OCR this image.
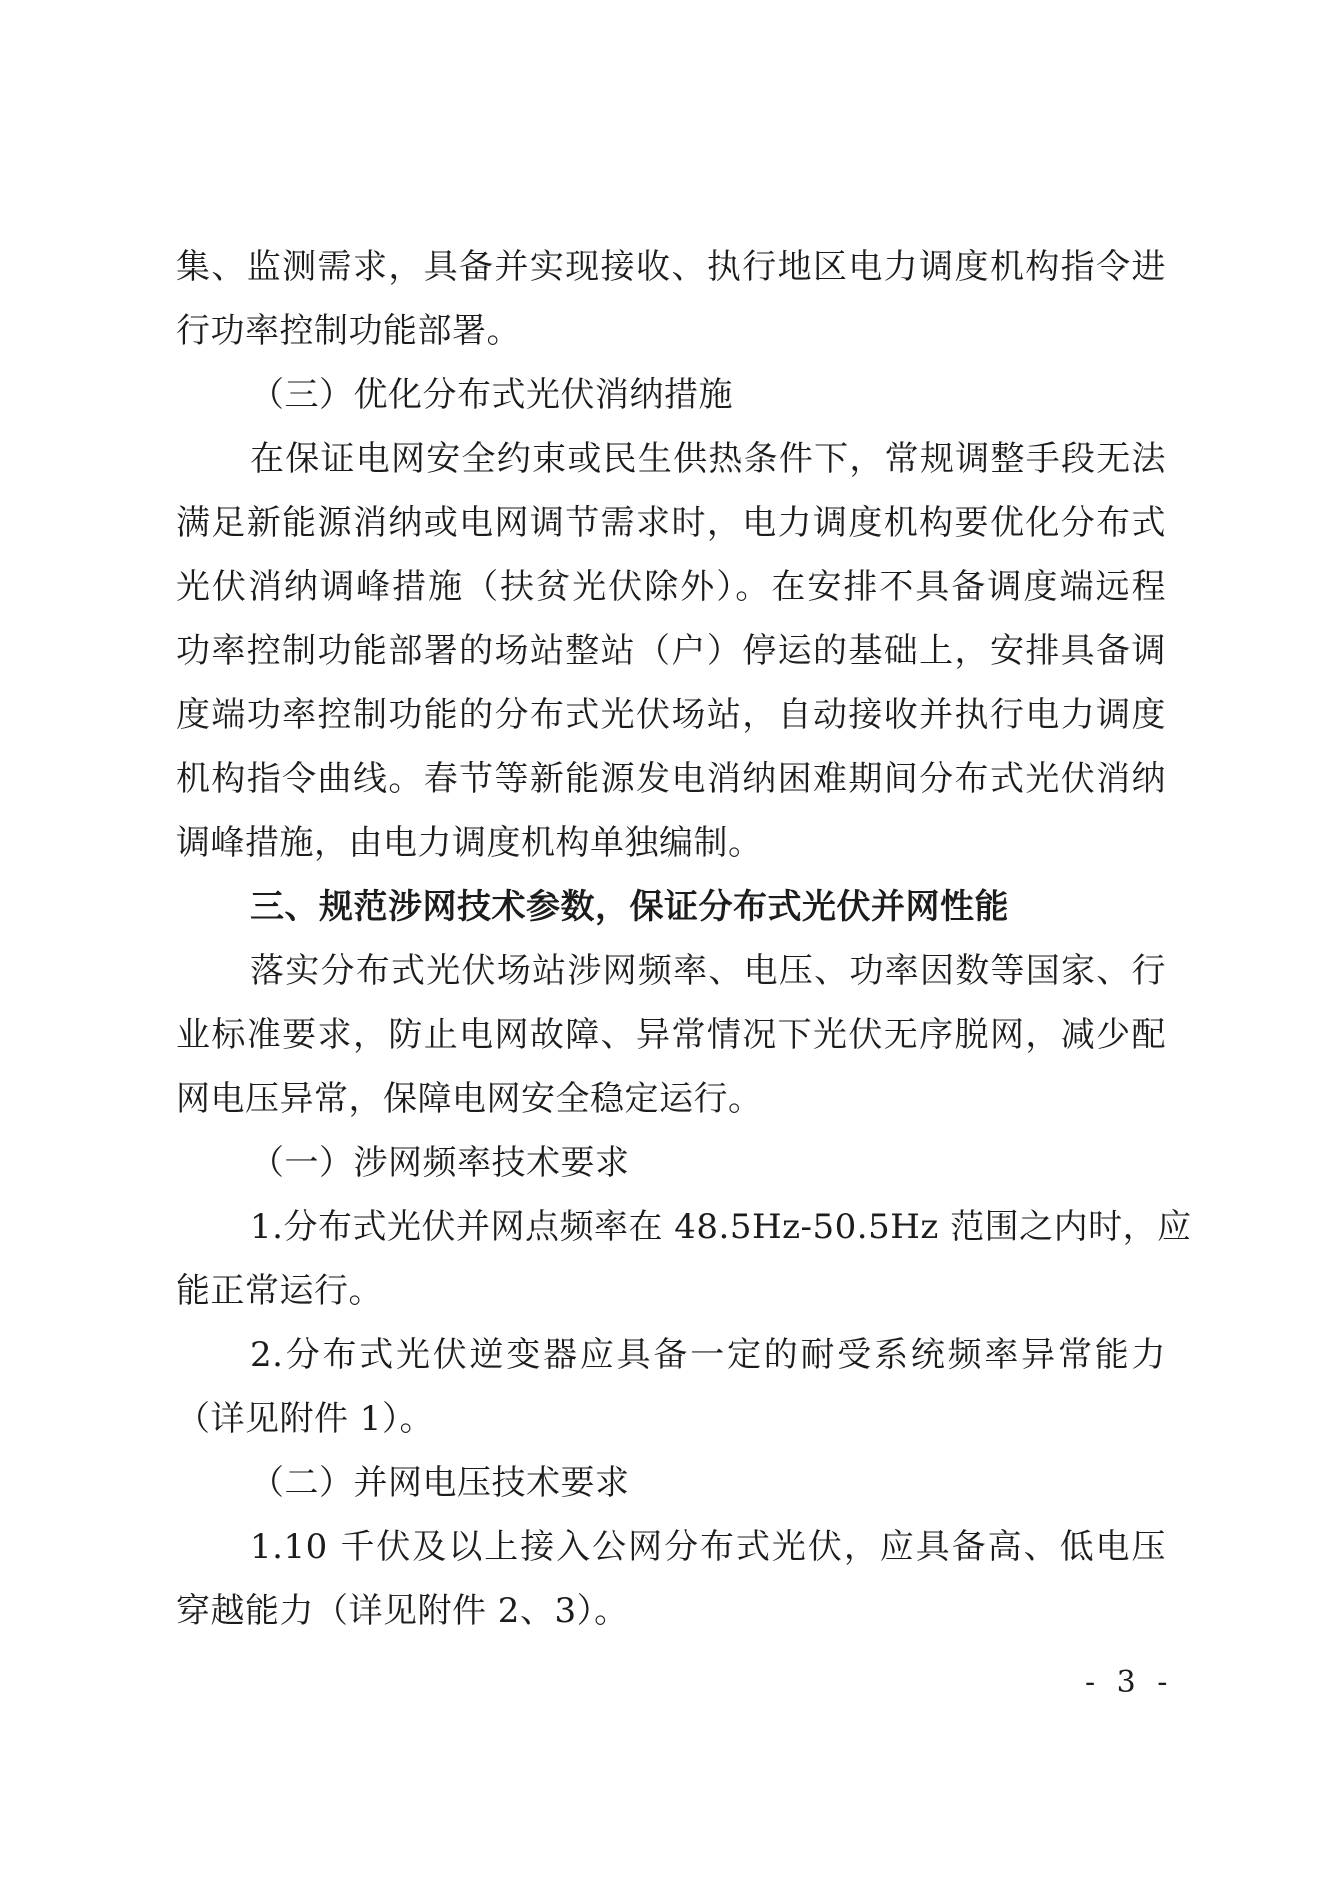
集、监测需求，具备并实现接收、执行地区电力调度机构指令进
行功率控制功能部署。
（三）优化分布式光伏消纳措施
在保证电网安全约束或民生供热条件下，常规调整手段无法
满足新能源消纳或电网调节需求时，电力调度机构要优化分布式
光伏消纳调峰措施（扶贫光伏除外）。在安排不具备调度端远程
功率控制功能部署的场站整站（户）停运的基础上，安排具备调
度端功率控制功能的分布式光伏场站，自动接收并执行电力调度
机构指令曲线。春节等新能源发电消纳困难期间分布式光伏消纳
调峰措施，由电力调度机构单独编制。
三、规范涉网技术参数，保证分布式光伏并网性能
落实分布式光伏场站涉网频率、电压、功率因数等国家、行
业标准要求，防止电网故障、异常情况下光伏无序脱网，减少配
网电压异常，保障电网安全稳定运行。
（一）涉网频率技术要求
1.分布式光伏并网点频率在 48.5Hz-50.5Hz 范围之内时，应
能正常运行。
2.分布式光伏逆变器应具备一定的耐受系统频率异常能力
（详见附件 1）。
（二）并网电压技术要求
1.10 千伏及以上接入公网分布式光伏，应具备高、低电压
穿越能力（详见附件 2、3）。
- 3 -
